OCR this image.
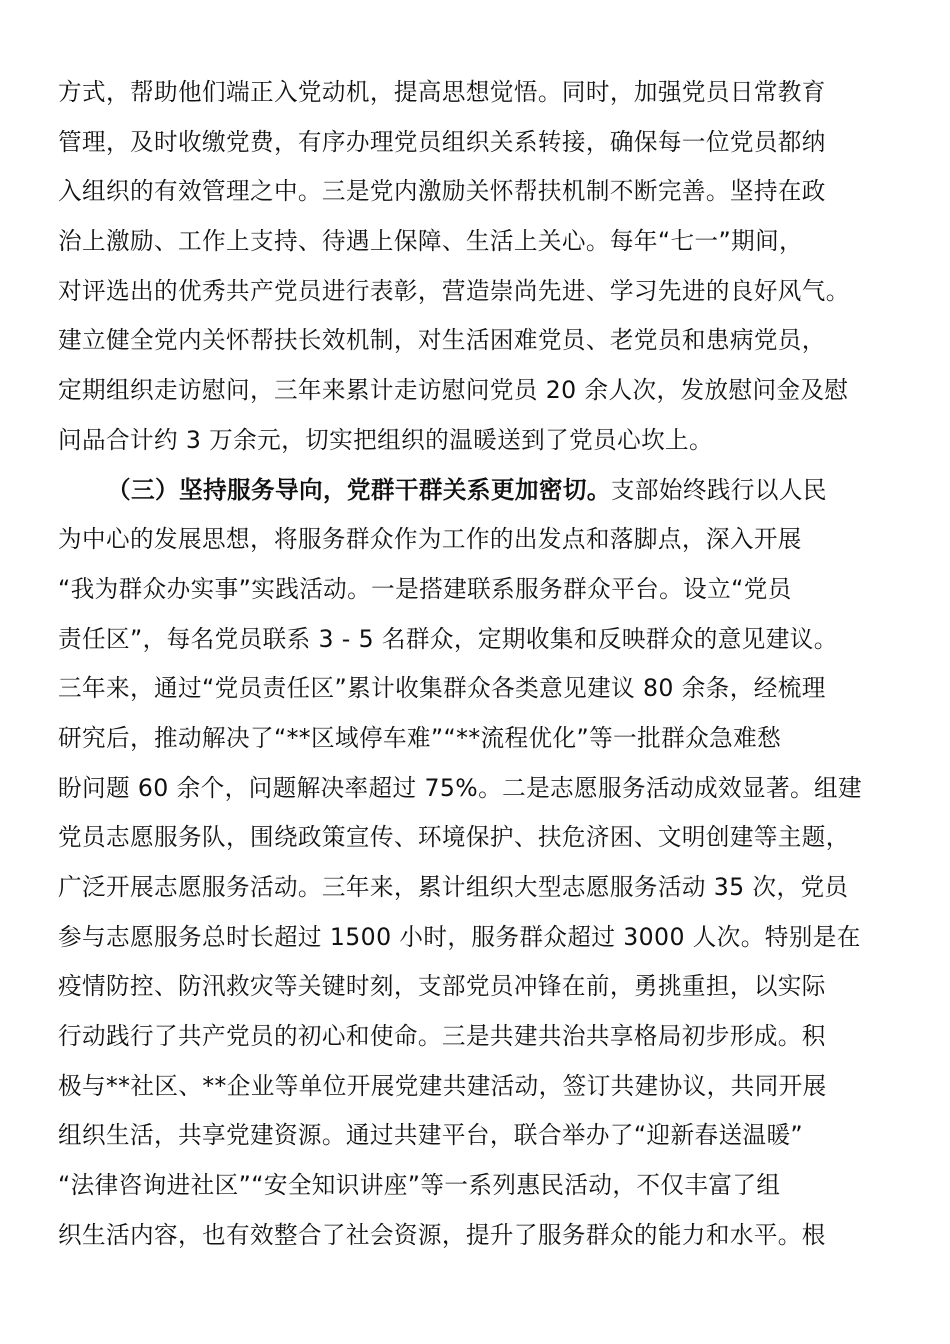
方式，帮助他们端正入党动机，提高思想觉悟。同时，加强党员日常教育
管理，及时收缴党费，有序办理党员组织关系转接，确保每一位党员都纳
入组织的有效管理之中。三是党内激励关怀帮扶机制不断完善。坚持在政
治上激励、工作上支持、待遇上保障、生活上关心。每年“七一”期间，
对评选出的优秀共产党员进行表彰，营造崇尚先进、学习先进的良好风气。
建立健全党内关怀帮扶长效机制，对生活困难党员、老党员和患病党员，
定期组织走访慰问，三年来累计走访慰问党员 20 余人次，发放慰问金及慰
问品合计约 3 万余元，切实把组织的温暖送到了党员心坎上。
（三）坚持服务导向，党群干群关系更加密切。支部始终践行以人民
为中心的发展思想，将服务群众作为工作的出发点和落脚点，深入开展
“我为群众办实事”实践活动。一是搭建联系服务群众平台。设立“党员
责任区”，每名党员联系 3 - 5 名群众，定期收集和反映群众的意见建议。
三年来，通过“党员责任区”累计收集群众各类意见建议 80 余条，经梳理
研究后，推动解决了“**区域停车难”“**流程优化”等一批群众急难愁
盼问题 60 余个，问题解决率超过 75%。二是志愿服务活动成效显著。组建
党员志愿服务队，围绕政策宣传、环境保护、扶危济困、文明创建等主题，
广泛开展志愿服务活动。三年来，累计组织大型志愿服务活动 35 次，党员
参与志愿服务总时长超过 1500 小时，服务群众超过 3000 人次。特别是在
疫情防控、防汛救灾等关键时刻，支部党员冲锋在前，勇挑重担，以实际
行动践行了共产党员的初心和使命。三是共建共治共享格局初步形成。积
极与**社区、**企业等单位开展党建共建活动，签订共建协议，共同开展
组织生活，共享党建资源。通过共建平台，联合举办了“迎新春送温暖”
“法律咨询进社区”“安全知识讲座”等一系列惠民活动，不仅丰富了组
织生活内容，也有效整合了社会资源，提升了服务群众的能力和水平。根
